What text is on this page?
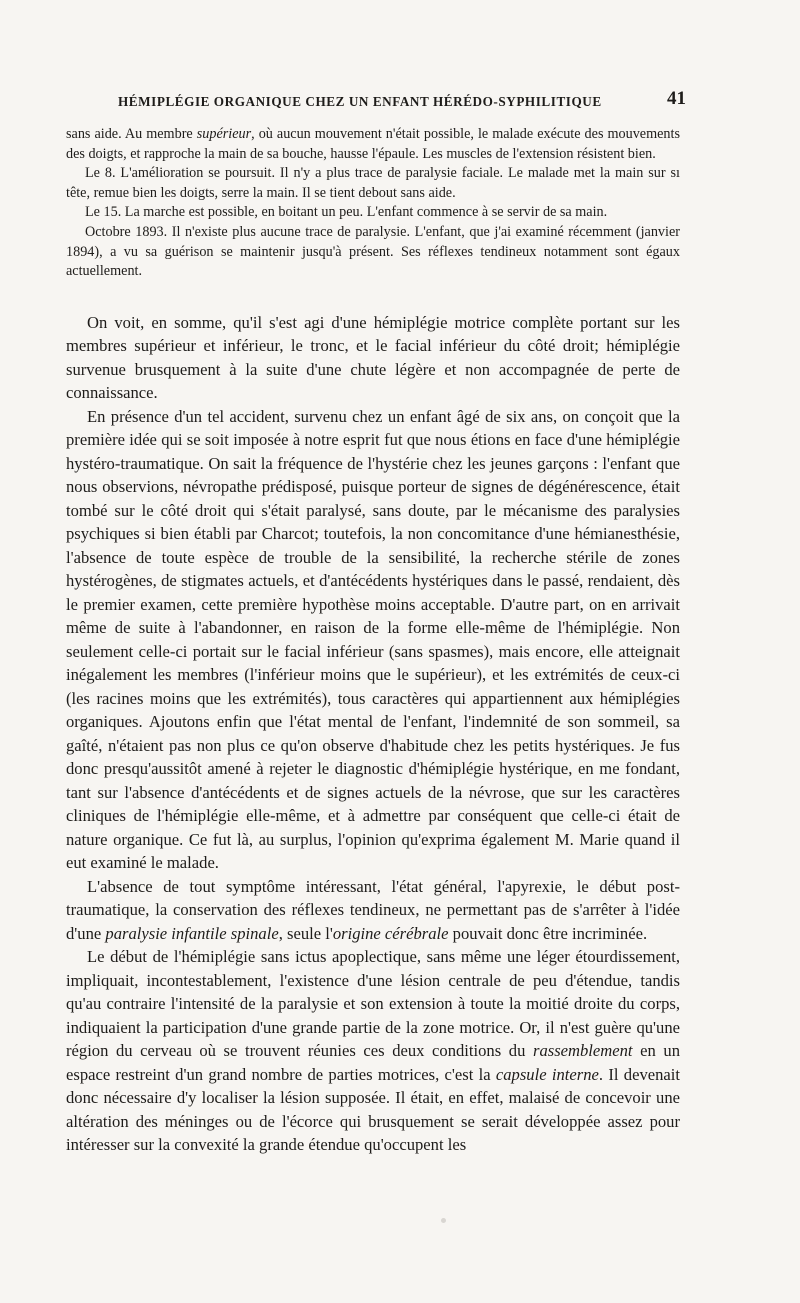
HÉMIPLÉGIE ORGANIQUE CHEZ UN ENFANT HÉRÉDO-SYPHILITIQUE	41

sans aide. Au membre supérieur, où aucun mouvement n'était possible, le malade exécute des mouvements des doigts, et rapproche la main de sa bouche, hausse l'épaule. Les muscles de l'extension résistent bien.

Le 8. L'amélioration se poursuit. Il n'y a plus trace de paralysie faciale. Le malade met la main sur sı tête, remue bien les doigts, serre la main. Il se tient debout sans aide.

Le 15. La marche est possible, en boitant un peu. L'enfant commence à se servir de sa main.

Octobre 1893. Il n'existe plus aucune trace de paralysie. L'enfant, que j'ai examiné récemment (janvier 1894), a vu sa guérison se maintenir jusqu'à présent. Ses réflexes tendineux notamment sont égaux actuellement.

On voit, en somme, qu'il s'est agi d'une hémiplégie motrice complète portant sur les membres supérieur et inférieur, le tronc, et le facial inférieur du côté droit; hémiplégie survenue brusquement à la suite d'une chute légère et non accompagnée de perte de connaissance.

En présence d'un tel accident, survenu chez un enfant âgé de six ans, on conçoit que la première idée qui se soit imposée à notre esprit fut que nous étions en face d'une hémiplégie hystéro-traumatique. On sait la fréquence de l'hystérie chez les jeunes garçons : l'enfant que nous observions, névropathe prédisposé, puisque porteur de signes de dégénérescence, était tombé sur le côté droit qui s'était paralysé, sans doute, par le mécanisme des paralysies psychiques si bien établi par Charcot; toutefois, la non concomitance d'une hémianesthésie, l'absence de toute espèce de trouble de la sensibilité, la recherche stérile de zones hystérogènes, de stigmates actuels, et d'antécédents hystériques dans le passé, rendaient, dès le premier examen, cette première hypothèse moins acceptable. D'autre part, on en arrivait même de suite à l'abandonner, en raison de la forme elle-même de l'hémiplégie. Non seulement celle-ci portait sur le facial inférieur (sans spasmes), mais encore, elle atteignait inégalement les membres (l'inférieur moins que le supérieur), et les extrémités de ceux-ci (les racines moins que les extrémités), tous caractères qui appartiennent aux hémiplégies organiques. Ajoutons enfin que l'état mental de l'enfant, l'indemnité de son sommeil, sa gaîté, n'étaient pas non plus ce qu'on observe d'habitude chez les petits hystériques. Je fus donc presqu'aussitôt amené à rejeter le diagnostic d'hémiplégie hystérique, en me fondant, tant sur l'absence d'antécédents et de signes actuels de la névrose, que sur les caractères cliniques de l'hémiplégie elle-même, et à admettre par conséquent que celle-ci était de nature organique. Ce fut là, au surplus, l'opinion qu'exprima également M. Marie quand il eut examiné le malade.

L'absence de tout symptôme intéressant, l'état général, l'apyrexie, le début post-traumatique, la conservation des réflexes tendineux, ne permettant pas de s'arrêter à l'idée d'une paralysie infantile spinale, seule l'origine cérébrale pouvait donc être incriminée.

Le début de l'hémiplégie sans ictus apoplectique, sans même une léger étourdissement, impliquait, incontestablement, l'existence d'une lésion centrale de peu d'étendue, tandis qu'au contraire l'intensité de la paralysie et son extension à toute la moitié droite du corps, indiquaient la participation d'une grande partie de la zone motrice. Or, il n'est guère qu'une région du cerveau où se trouvent réunies ces deux conditions du rassemblement en un espace restreint d'un grand nombre de parties motrices, c'est la capsule interne. Il devenait donc nécessaire d'y localiser la lésion supposée. Il était, en effet, malaisé de concevoir une altération des méninges ou de l'écorce qui brusquement se serait développée assez pour intéresser sur la convexité la grande étendue qu'occupent les
